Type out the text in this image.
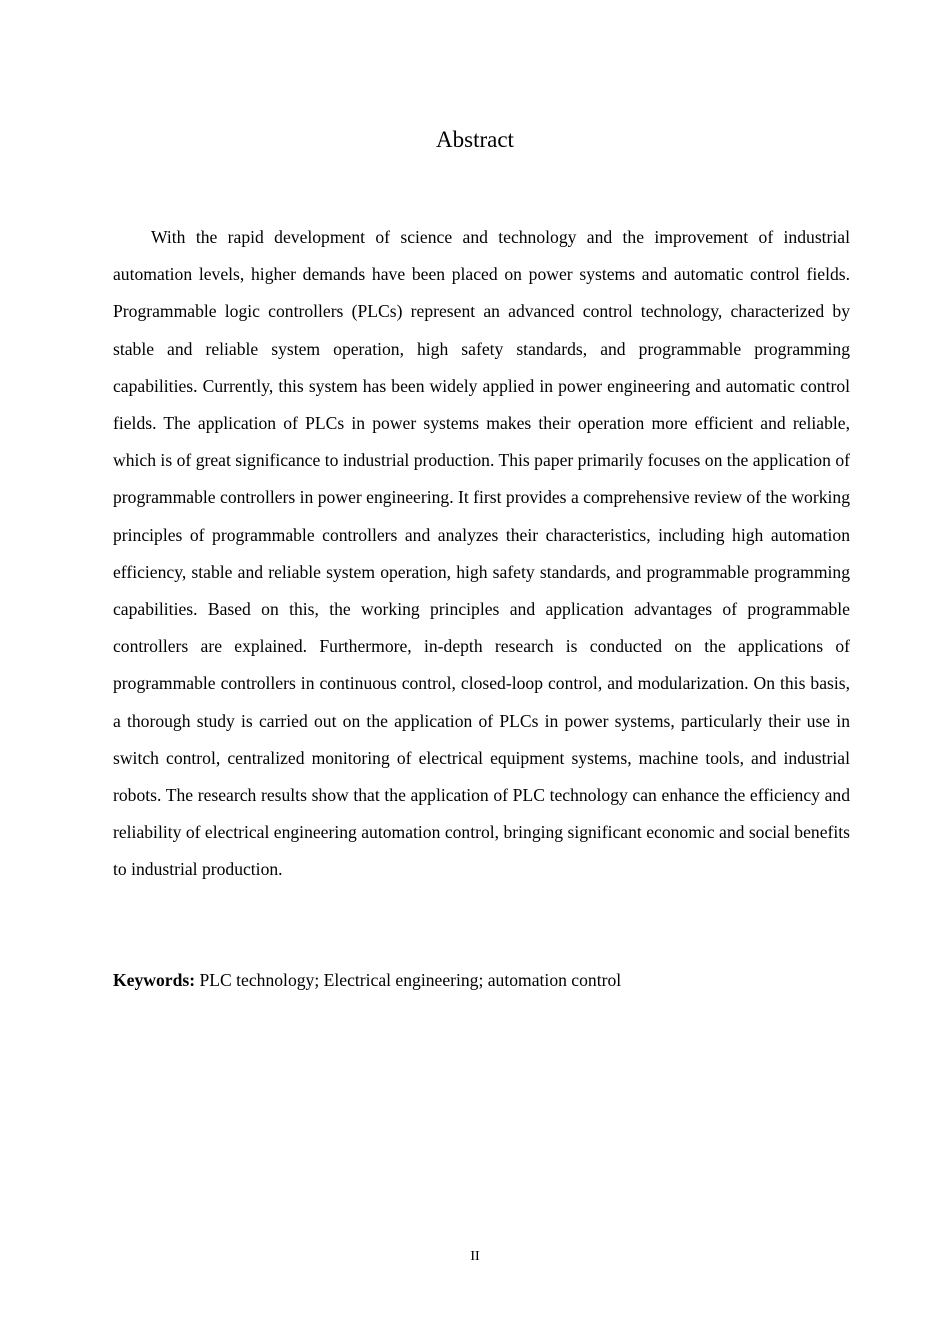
Abstract

With the rapid development of science and technology and the improvement of industrial automation levels, higher demands have been placed on power systems and automatic control fields. Programmable logic controllers (PLCs) represent an advanced control technology, characterized by stable and reliable system operation, high safety standards, and programmable programming capabilities. Currently, this system has been widely applied in power engineering and automatic control fields. The application of PLCs in power systems makes their operation more efficient and reliable, which is of great significance to industrial production. This paper primarily focuses on the application of programmable controllers in power engineering. It first provides a comprehensive review of the working principles of programmable controllers and analyzes their characteristics, including high automation efficiency, stable and reliable system operation, high safety standards, and programmable programming capabilities. Based on this, the working principles and application advantages of programmable controllers are explained. Furthermore, in-depth research is conducted on the applications of programmable controllers in continuous control, closed-loop control, and modularization. On this basis, a thorough study is carried out on the application of PLCs in power systems, particularly their use in switch control, centralized monitoring of electrical equipment systems, machine tools, and industrial robots. The research results show that the application of PLC technology can enhance the efficiency and reliability of electrical engineering automation control, bringing significant economic and social benefits to industrial production.

Keywords: PLC technology; Electrical engineering; automation control

II
